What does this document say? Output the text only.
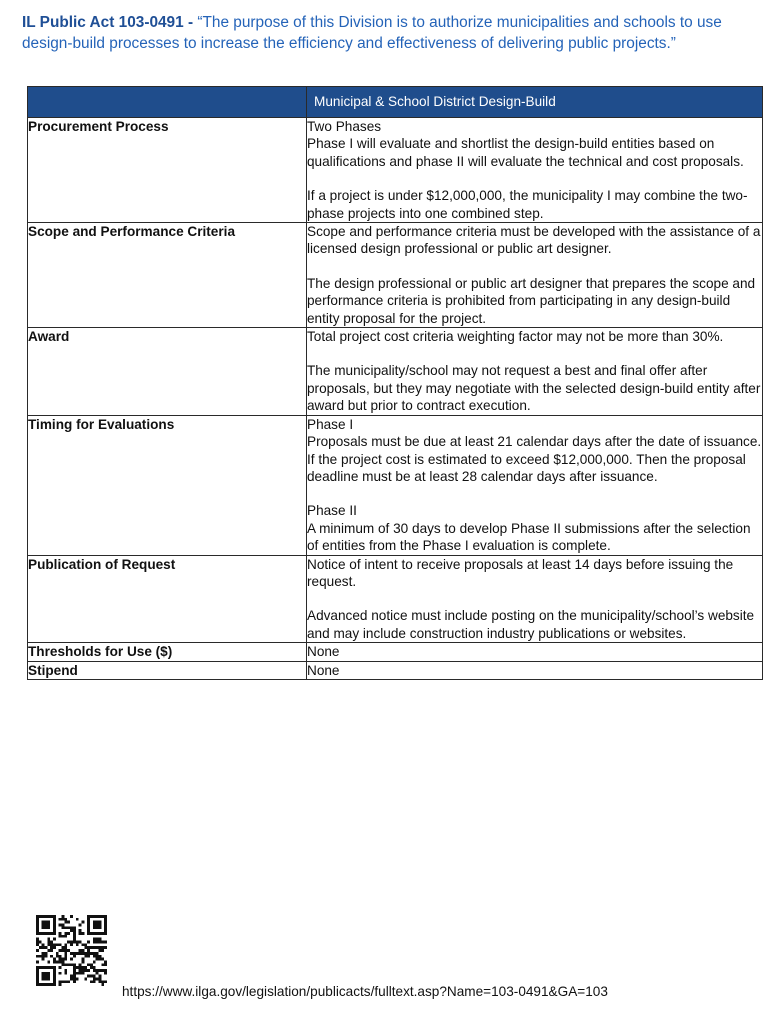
IL Public Act 103-0491 - “The purpose of this Division is to authorize municipalities and schools to use design-build processes to increase the efficiency and effectiveness of delivering public projects.”
	Municipal & School District Design-Build
Procurement Process	Two Phases
Phase I will evaluate and shortlist the design-build entities based on qualifications and phase II will evaluate the technical and cost proposals.
If a project is under $12,000,000, the municipality I may combine the two-phase projects into one combined step.

Scope and Performance Criteria	Scope and performance criteria must be developed with the assistance of a licensed design professional or public art designer.
The design professional or public art designer that prepares the scope and performance criteria is prohibited from participating in any design-build entity proposal for the project.

Award	Total project cost criteria weighting factor may not be more than 30%.
The municipality/school may not request a best and final offer after proposals, but they may negotiate with the selected design-build entity after award but prior to contract execution.

Timing for Evaluations	Phase I
Proposals must be due at least 21 calendar days after the date of issuance. If the project cost is estimated to exceed $12,000,000. Then the proposal deadline must be at least 28 calendar days after issuance.
Phase II
A minimum of 30 days to develop Phase II submissions after the selection of entities from the Phase I evaluation is complete.

Publication of Request	Notice of intent to receive proposals at least 14 days before issuing the request.
Advanced notice must include posting on the municipality/school’s website and may include construction industry publications or websites.

Thresholds for Use ($)	None

Stipend	None
https://www.ilga.gov/legislation/publicacts/fulltext.asp?Name=103-0491&GA=103
